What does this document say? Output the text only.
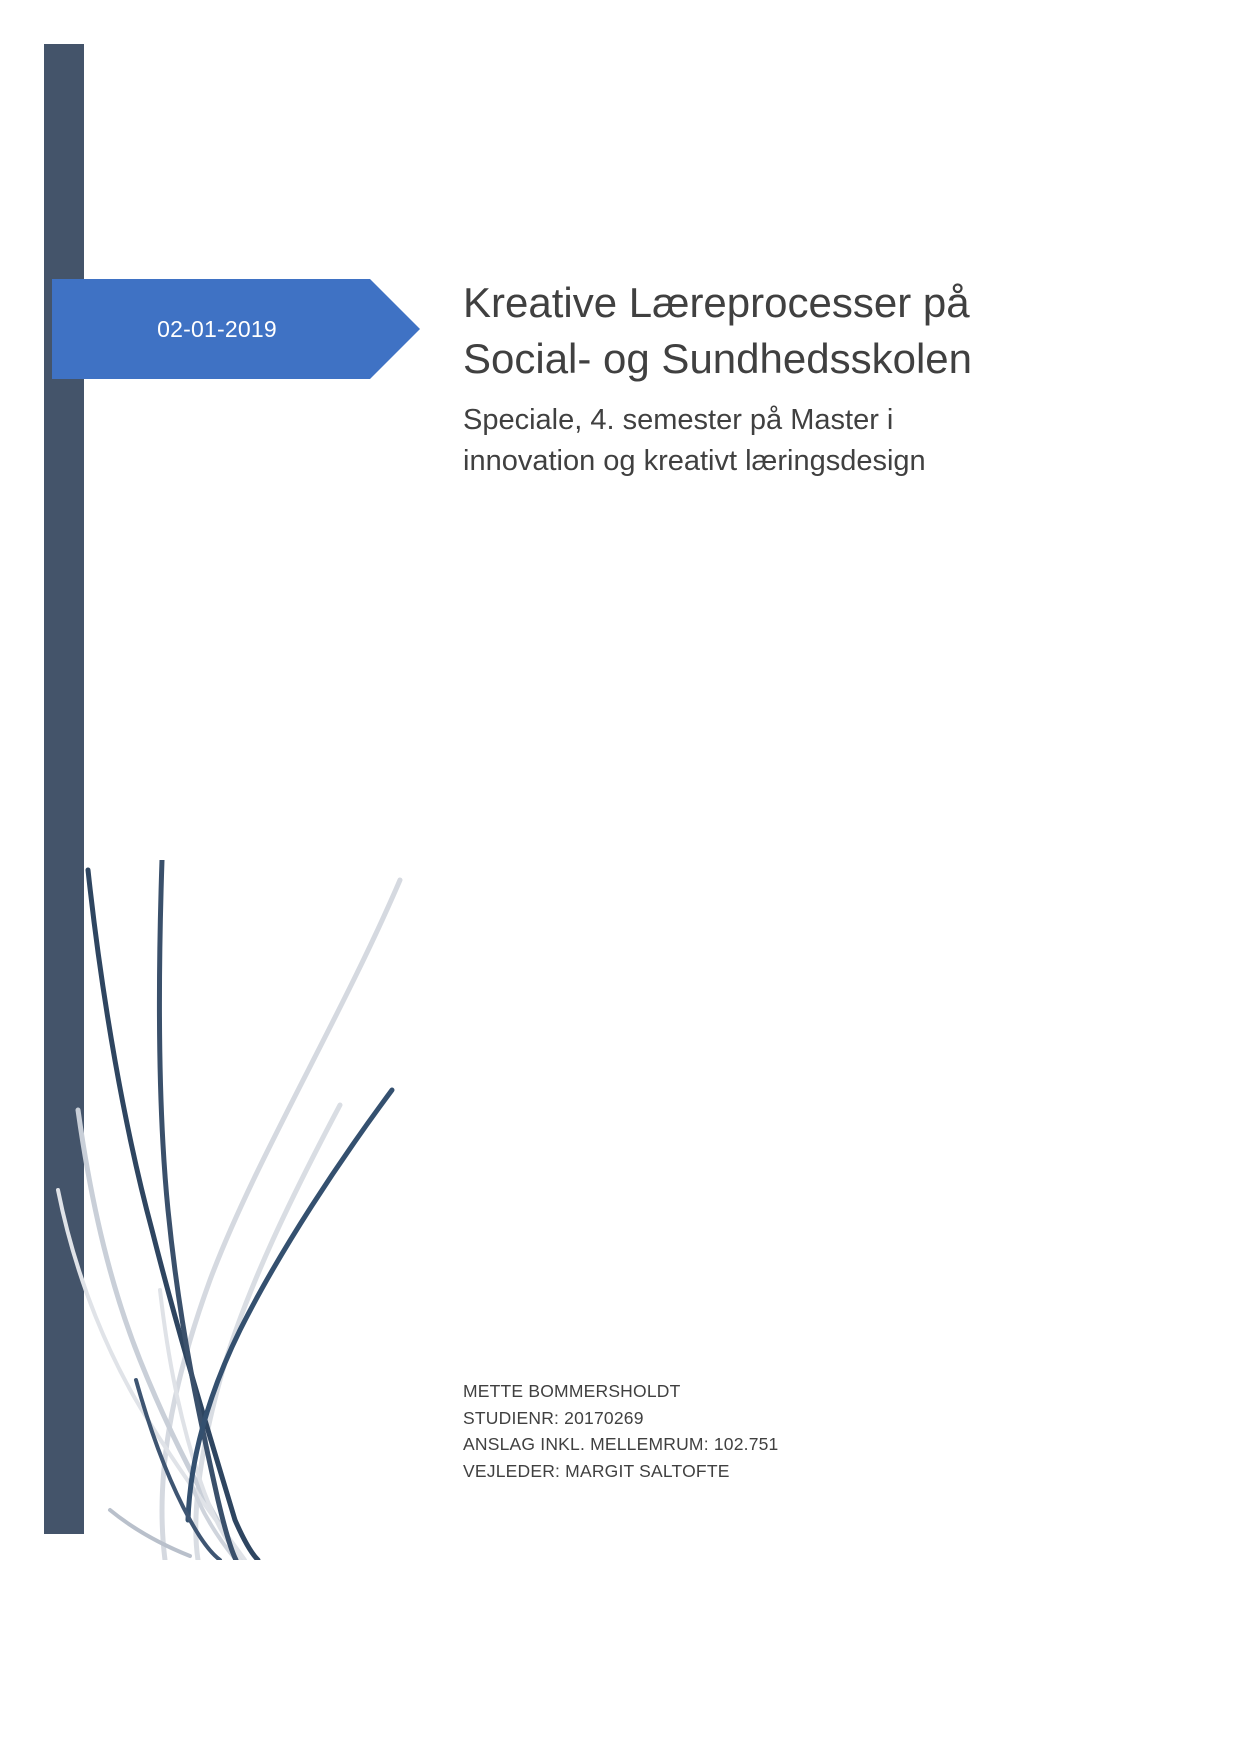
02-01-2019
Kreative Læreprocesser på
Social- og Sundhedsskolen

Speciale, 4. semester på Master i
innovation og kreativt læringsdesign

METTE BOMMERSHOLDT
STUDIENR: 20170269
ANSLAG INKL. MELLEMRUM: 102.751
VEJLEDER: MARGIT SALTOFTE
